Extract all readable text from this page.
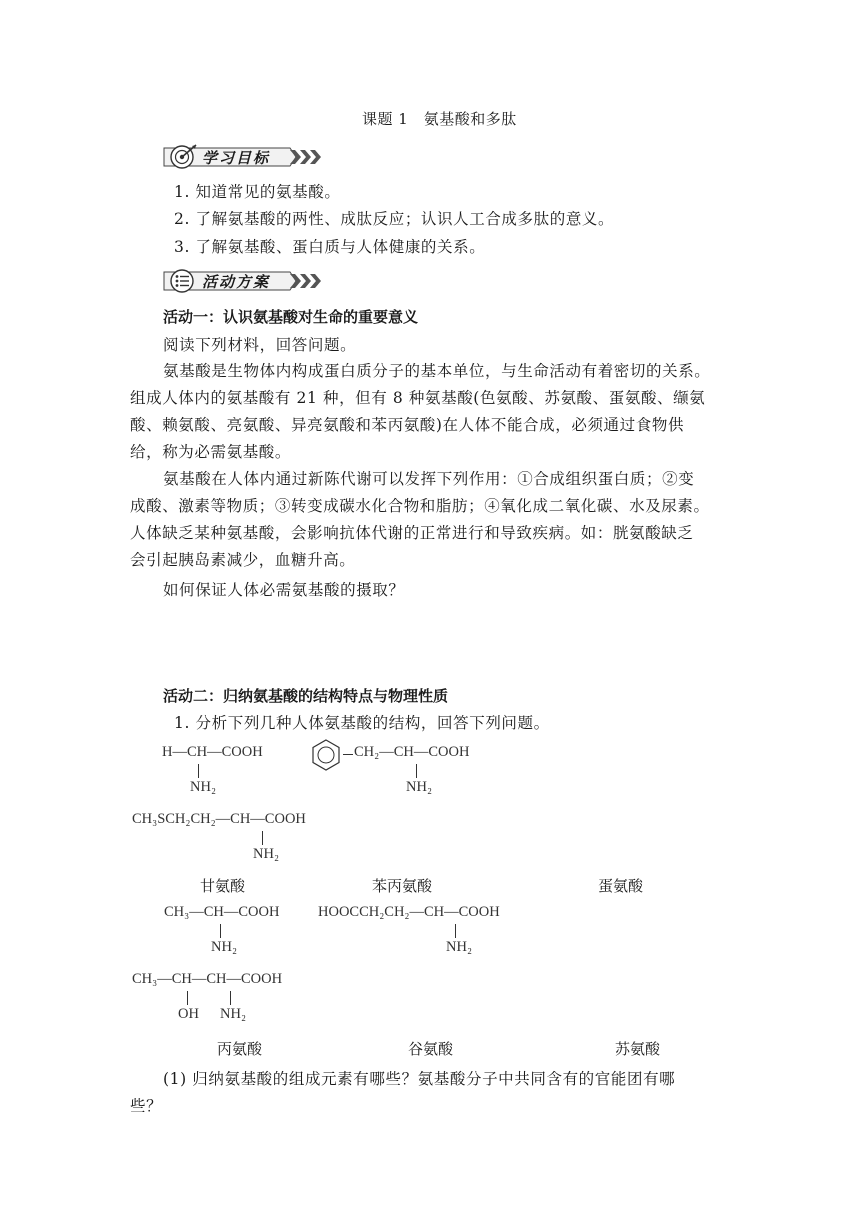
课题 1　氨基酸和多肽
学习目标
1. 知道常见的氨基酸。
2. 了解氨基酸的两性、成肽反应；认识人工合成多肽的意义。
3. 了解氨基酸、蛋白质与人体健康的关系。
活动方案
活动一：认识氨基酸对生命的重要意义
阅读下列材料，回答问题。
氨基酸是生物体内构成蛋白质分子的基本单位，与生命活动有着密切的关系。
组成人体内的氨基酸有 21 种，但有 8 种氨基酸(色氨酸、苏氨酸、蛋氨酸、缬氨
酸、赖氨酸、亮氨酸、异亮氨酸和苯丙氨酸)在人体不能合成，必须通过食物供
给，称为必需氨基酸。
氨基酸在人体内通过新陈代谢可以发挥下列作用：①合成组织蛋白质；②变
成酸、激素等物质；③转变成碳水化合物和脂肪；④氧化成二氧化碳、水及尿素。
人体缺乏某种氨基酸，会影响抗体代谢的正常进行和导致疾病。如：胱氨酸缺乏
会引起胰岛素减少，血糖升高。
如何保证人体必需氨基酸的摄取？
活动二：归纳氨基酸的结构特点与物理性质
1. 分析下列几种人体氨基酸的结构，回答下列问题。
H—CH—COOH
NH₂
CH₂—CH—COOH
NH₂
CH₃SCH₂CH₂—CH—COOH
NH₂
甘氨酸	苯丙氨酸	蛋氨酸
CH₃—CH—COOH
NH₂
HOOCCH₂CH₂—CH—COOH
NH₂
CH₃—CH—CH—COOH
OH NH₂
丙氨酸	谷氨酸	苏氨酸
(1) 归纳氨基酸的组成元素有哪些？氨基酸分子中共同含有的官能团有哪
些？
